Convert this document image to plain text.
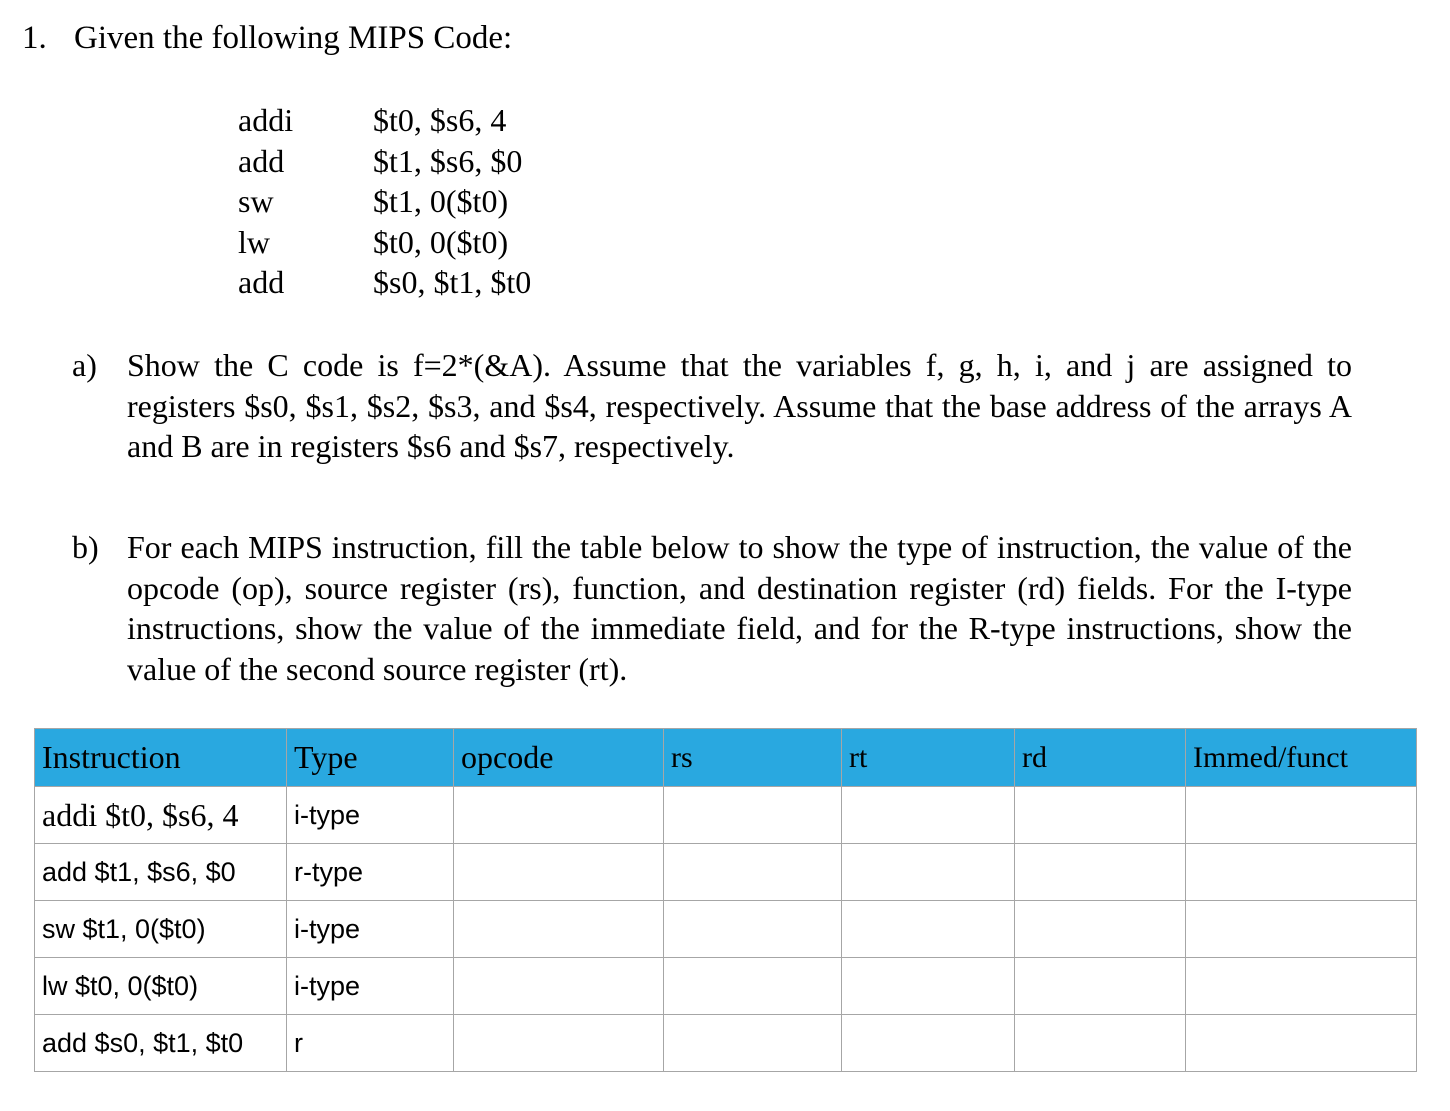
1. Given the following MIPS Code:
addi	$t0, $s6, 4
add	$t1, $s6, $0
sw	$t1, 0($t0)
lw	$t0, 0($t0)
add	$s0, $t1, $t0
a) Show the C code is f=2*(&A). Assume that the variables f, g, h, i, and j are assigned to registers $s0, $s1, $s2, $s3, and $s4, respectively. Assume that the base address of the arrays A and B are in registers $s6 and $s7, respectively.
b) For each MIPS instruction, fill the table below to show the type of instruction, the value of the opcode (op), source register (rs), function, and destination register (rd) fields. For the I-type instructions, show the value of the immediate field, and for the R-type instructions, show the value of the second source register (rt).
Instruction	Type	opcode	rs	rt	rd	Immed/funct
addi $t0, $s6, 4	i-type					
add $t1, $s6, $0	r-type					
sw $t1, 0($t0)	i-type					
lw $t0, 0($t0)	i-type					
add $s0, $t1, $t0	r					
